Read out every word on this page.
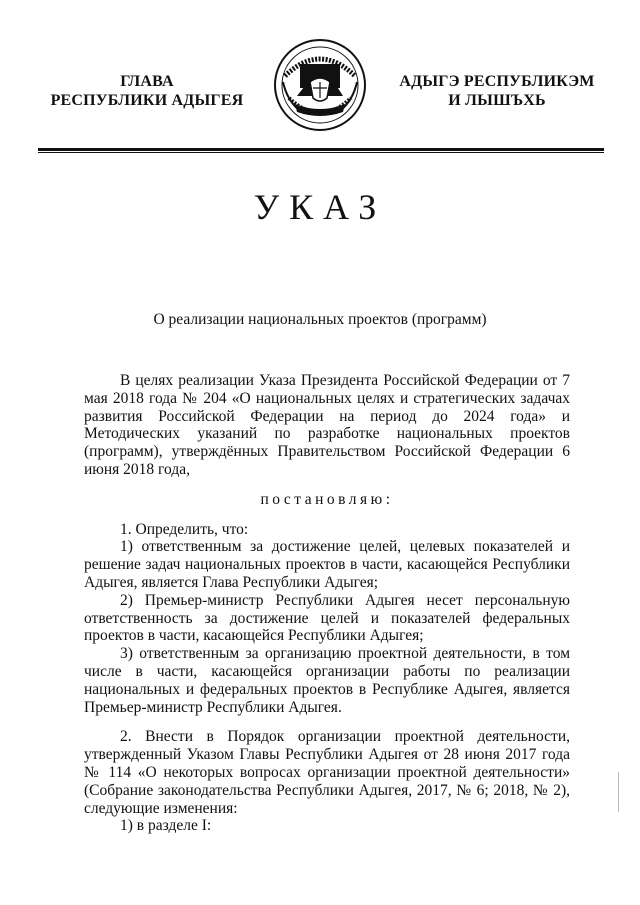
ГЛАВА
РЕСПУБЛИКИ АДЫГЕЯ
АДЫГЭ РЕСПУБЛИКЭМ
И ЛЫШЪХЬ
УКАЗ
О реализации национальных проектов (программ)

В целях реализации Указа Президента Российской Федерации от 7 мая 2018 года № 204 «О национальных целях и стратегических задачах развития Российской Федерации на период до 2024 года» и Методических указаний по разработке национальных проектов (программ), утверждённых Правительством Российской Федерации 6 июня 2018 года,

постановляю:

1. Определить, что:

1) ответственным за достижение целей, целевых показателей и решение задач национальных проектов в части, касающейся Республики Адыгея, является Глава Республики Адыгея;

2) Премьер-министр Республики Адыгея несет персональную ответственность за достижение целей и показателей федеральных проектов в части, касающейся Республики Адыгея;

3) ответственным за организацию проектной деятельности, в том числе в части, касающейся организации работы по реализации национальных и федеральных проектов в Республике Адыгея, является Премьер-министр Республики Адыгея.

2. Внести в Порядок организации проектной деятельности, утвержденный Указом Главы Республики Адыгея от 28 июня 2017 года № 114 «О некоторых вопросах организации проектной деятельности» (Собрание законодательства Республики Адыгея, 2017, № 6; 2018, № 2), следующие изменения:

1) в разделе I:
